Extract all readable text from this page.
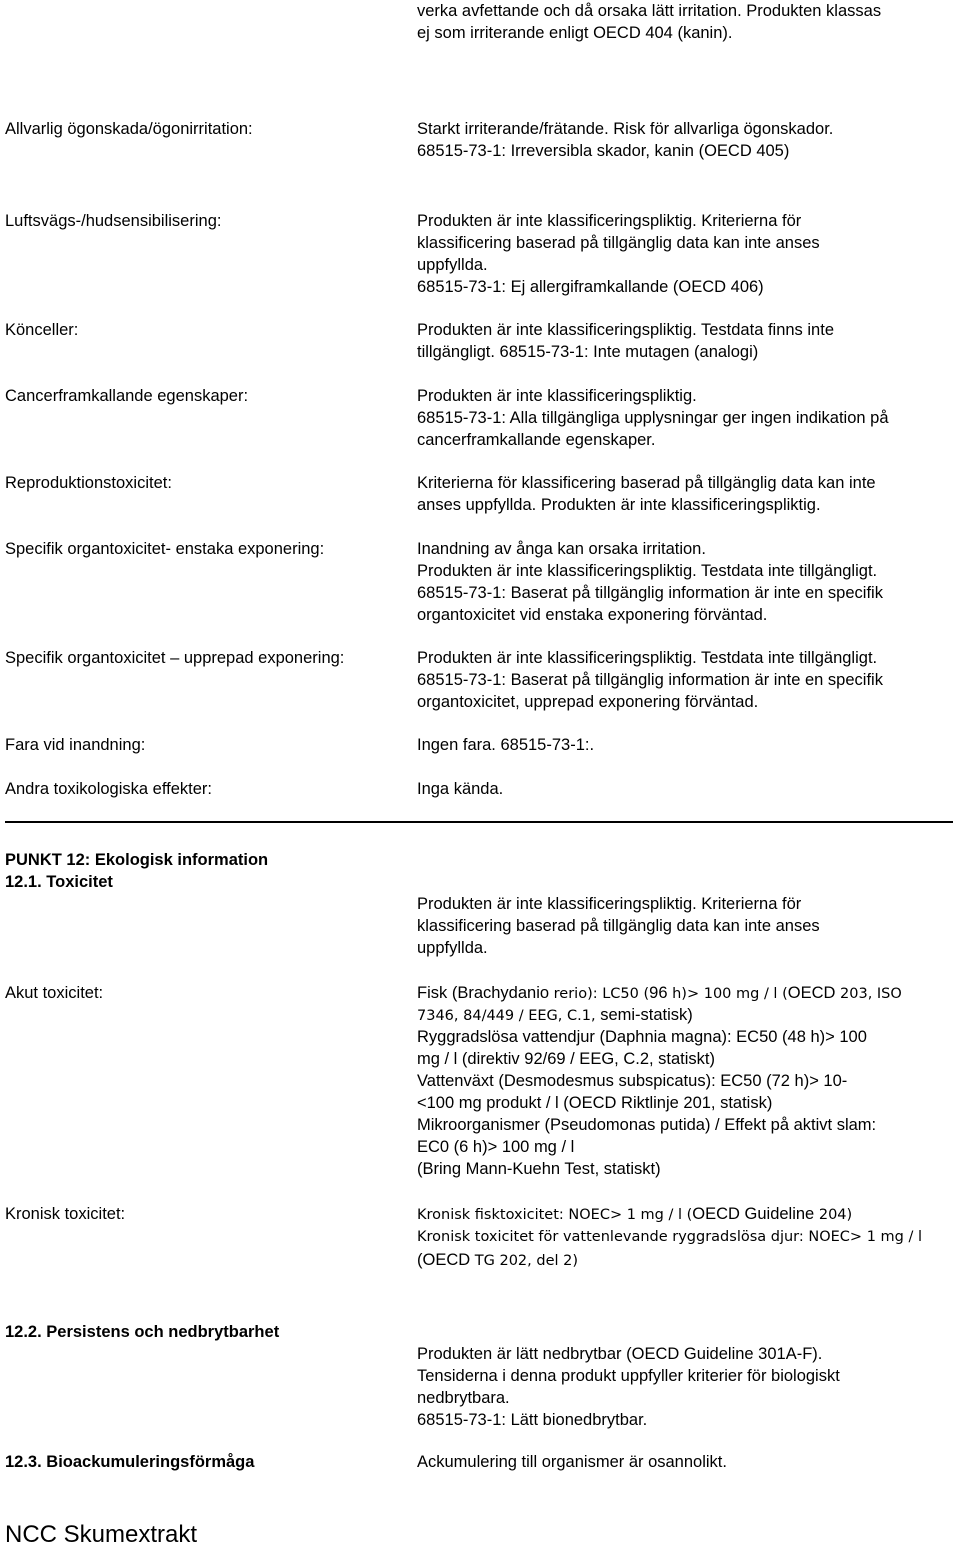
verka avfettande och då orsaka lätt irritation. Produkten klassas
ej som irriterande enligt OECD 404 (kanin).
Allvarlig ögonskada/ögonirritation:	Starkt irriterande/frätande. Risk för allvarliga ögonskador.
68515-73-1: Irreversibla skador, kanin (OECD 405)
Luftsvägs-/hudsensibilisering:	Produkten är inte klassificeringspliktig. Kriterierna för
klassificering baserad på tillgänglig data kan inte anses
uppfyllda.
68515-73-1: Ej allergiframkallande (OECD 406)
Könceller:	Produkten är inte klassificeringspliktig. Testdata finns inte
tillgängligt. 68515-73-1: Inte mutagen (analogi)
Cancerframkallande egenskaper:	Produkten är inte klassificeringspliktig.
68515-73-1: Alla tillgängliga upplysningar ger ingen indikation på
cancerframkallande egenskaper.
Reproduktionstoxicitet:	Kriterierna för klassificering baserad på tillgänglig data kan inte
anses uppfyllda. Produkten är inte klassificeringspliktig.
Specifik organtoxicitet- enstaka exponering:	Inandning av ånga kan orsaka irritation.
Produkten är inte klassificeringspliktig. Testdata inte tillgängligt.
68515-73-1: Baserat på tillgänglig information är inte en specifik
organtoxicitet vid enstaka exponering förväntad.
Specifik organtoxicitet – upprepad exponering:	Produkten är inte klassificeringspliktig. Testdata inte tillgängligt.
68515-73-1: Baserat på tillgänglig information är inte en specifik
organtoxicitet, upprepad exponering förväntad.
Fara vid inandning:	Ingen fara. 68515-73-1:.
Andra toxikologiska effekter:	Inga kända.
PUNKT 12: Ekologisk information
12.1. Toxicitet
Produkten är inte klassificeringspliktig. Kriterierna för
klassificering baserad på tillgänglig data kan inte anses
uppfyllda.
Akut toxicitet:	Fisk (Brachydanio rerio): LC50 (96 h)> 100 mg / l (OECD 203, ISO
7346, 84/449 / EEG, C.1, semi-statisk)
Ryggradslösa vattendjur (Daphnia magna): EC50 (48 h)> 100
mg / l (direktiv 92/69 / EEG, C.2, statiskt)
Vattenväxt (Desmodesmus subspicatus): EC50 (72 h)> 10-
<100 mg produkt / l (OECD Riktlinje 201, statisk)
Mikroorganismer (Pseudomonas putida) / Effekt på aktivt slam:
EC0 (6 h)> 100 mg / l
(Bring Mann-Kuehn Test, statiskt)
Kronisk toxicitet:	Kronisk fisktoxicitet: NOEC> 1 mg / l (OECD Guideline 204)
Kronisk toxicitet för vattenlevande ryggradslösa djur: NOEC> 1 mg / l
(OECD TG 202, del 2)
12.2. Persistens och nedbrytbarhet
Produkten är lätt nedbrytbar (OECD Guideline 301A-F).
Tensiderna i denna produkt uppfyller kriterier för biologiskt
nedbrytbara.
68515-73-1: Lätt bionedbrytbar.
12.3. Bioackumuleringsförmåga	Ackumulering till organismer är osannolikt.
NCC Skumextrakt
